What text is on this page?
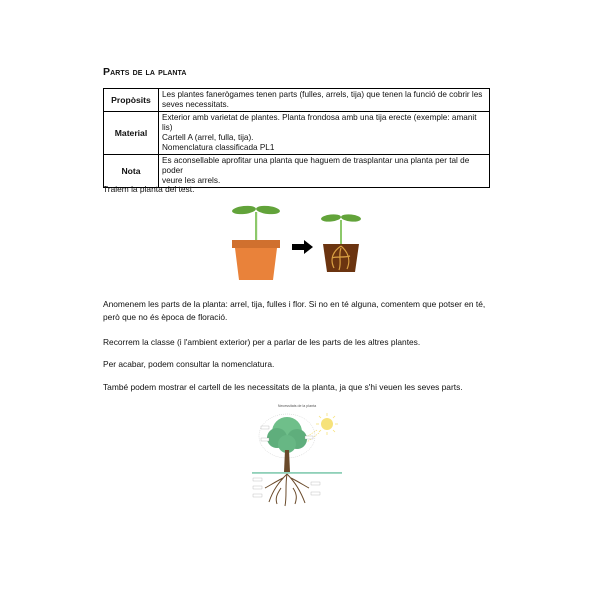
Parts de la planta
Propòsits	Les plantes fanerògames tenen parts (fulles, arrels, tija) que tenen la funció de cobrir les
seves necessitats.

Material	Exterior amb varietat de plantes. Planta frondosa amb una tija erecte (exemple: amanit lis)
Cartell A (arrel, fulla, tija).
Nomenclatura classificada PL1

Nota	Es aconsellable aprofitar una planta que haguem de trasplantar una planta per tal de poder
veure les arrels.
Traiem la planta del test.
Anomenem les parts de la planta: arrel, tija, fulles i flor. Si no en té alguna, comentem que potser en té,
però que no és època de floració.
Recorrem la classe (i l'ambient exterior) per a parlar de les parts de les altres plantes.
Per acabar, podem consultar la nomenclatura.
També podem mostrar el cartell de les necessitats de la planta, ja que s'hi veuen les seves parts.
Necessitats de la planta
